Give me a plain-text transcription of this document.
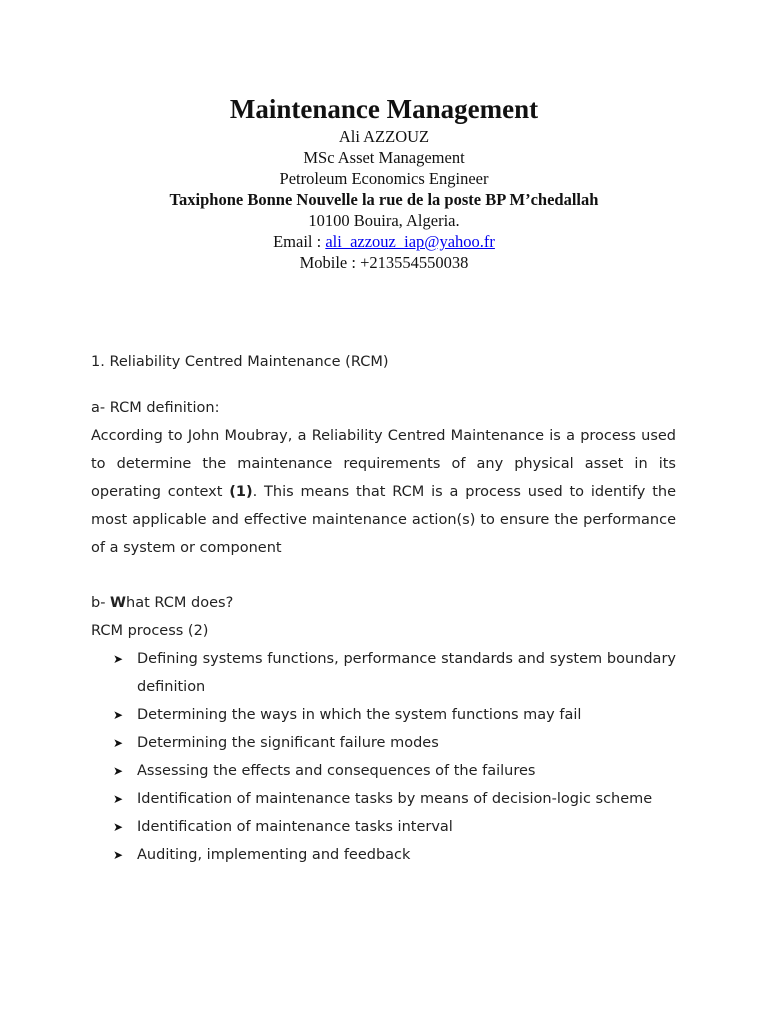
Maintenance Management

Ali AZZOUZ

MSc Asset Management

Petroleum Economics Engineer

Taxiphone Bonne Nouvelle la rue de la poste BP M’chedallah

10100 Bouira, Algeria.

Email : ali_azzouz_iap@yahoo.fr

Mobile : +213554550038

1. Reliability Centred Maintenance (RCM)

a- RCM definition:

According to John Moubray, a Reliability Centred Maintenance is a process used to determine the maintenance requirements of any physical asset in its operating context (1). This means that RCM is a process used to identify the most applicable and effective maintenance action(s) to ensure the performance of a system or component

b- What RCM does?

RCM process (2)

➤ Defining systems functions, performance standards and system boundary definition
➤ Determining the ways in which the system functions may fail
➤ Determining the significant failure modes
➤ Assessing the effects and consequences of the failures
➤ Identification of maintenance tasks by means of decision-logic scheme
➤ Identification of maintenance tasks interval
➤ Auditing, implementing and feedback
